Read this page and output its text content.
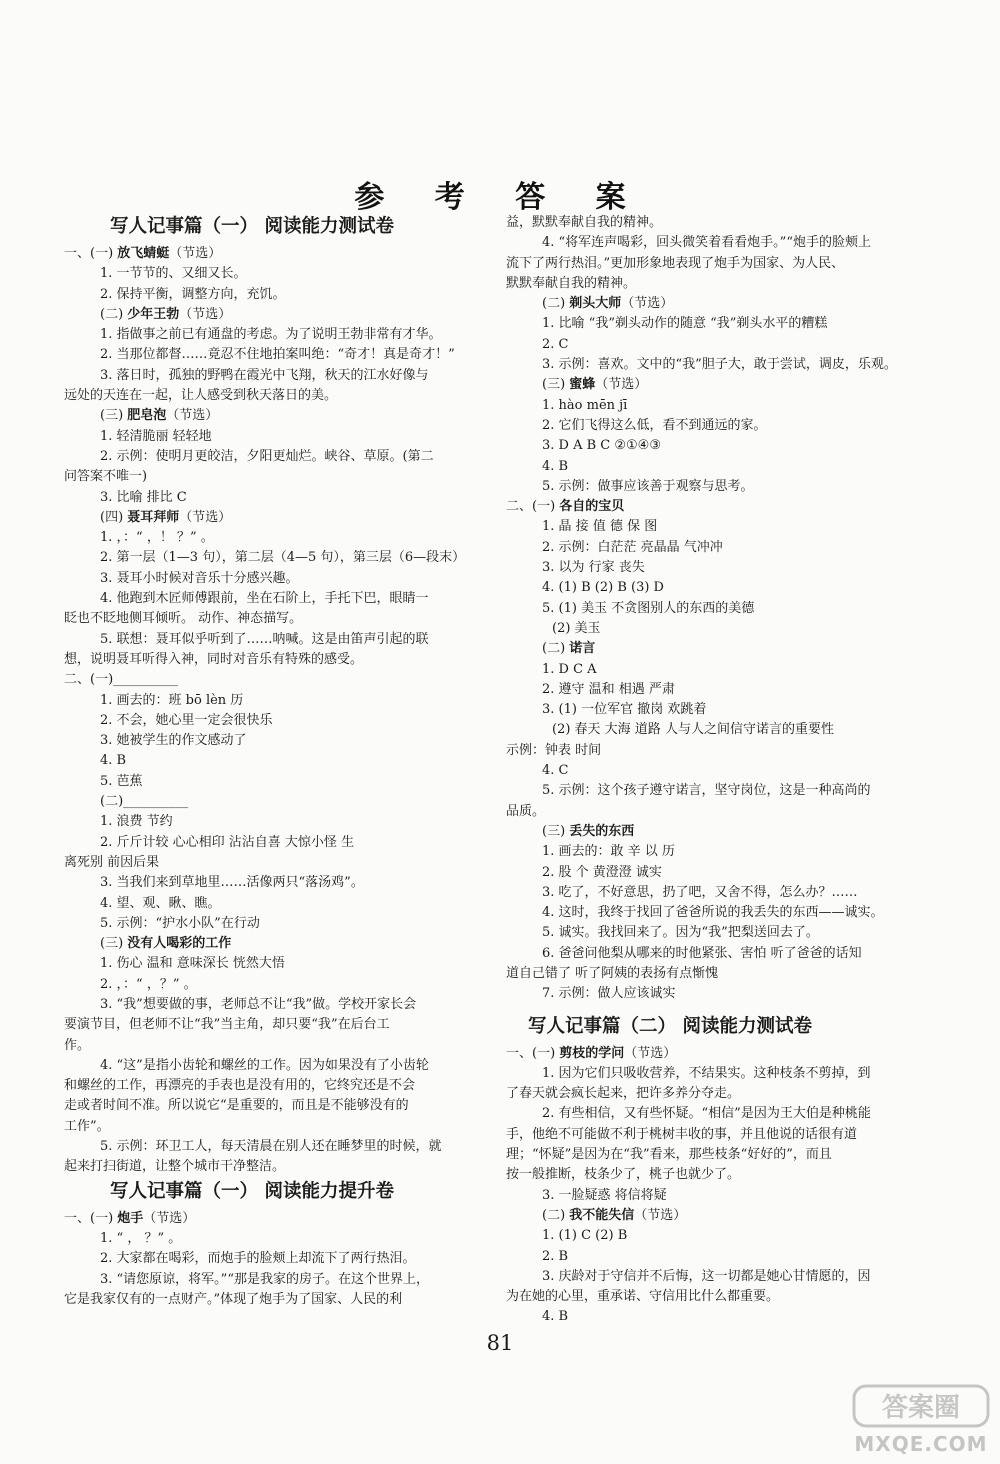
参 考 答 案
写人记事篇（一） 阅读能力测试卷
一、(一) 放飞蜻蜓（节选）
1. 一节节的、又细又长。
2. 保持平衡，调整方向，充饥。
(二) 少年王勃（节选）
1. 指做事之前已有通盘的考虑。为了说明王勃非常有才华。
2. 当那位都督……竟忍不住地拍案叫绝：“奇才！真是奇才！”
3. 落日时，孤独的野鸭在霞光中飞翔，秋天的江水好像与
远处的天连在一起，让人感受到秋天落日的美。
(三) 肥皂泡（节选）
1. 轻清脆丽 轻轻地
2. 示例：使明月更皎洁，夕阳更灿烂。峡谷、草原。(第二
问答案不唯一)
3. 比喻 排比 C
(四) 聂耳拜师（节选）
1. ，：“ ，！ ？” 。
2. 第一层（1—3 句），第二层（4—5 句），第三层（6—段末）
3. 聂耳小时候对音乐十分感兴趣。
4. 他跑到木匠师傅跟前，坐在石阶上，手托下巴，眼睛一
眨也不眨地侧耳倾听。 动作、神态描写。
5. 联想：聂耳似乎听到了……呐喊。这是由笛声引起的联
想，说明聂耳听得入神，同时对音乐有特殊的感受。
二、(一)__________
1. 画去的：班 bō lèn 历
2. 不会，她心里一定会很快乐
3. 她被学生的作文感动了
4. B
5. 芭蕉
(二)__________
1. 浪费 节约
2. 斤斤计较 心心相印 沾沾自喜 大惊小怪 生
离死别 前因后果
3. 当我们来到草地里……活像两只“落汤鸡”。
4. 望、观、瞅、瞧。
5. 示例：“护水小队”在行动
(三) 没有人喝彩的工作
1. 伤心 温和 意味深长 恍然大悟
2. ，：“ ，？” 。
3. “我”想要做的事，老师总不让“我”做。学校开家长会
要演节目，但老师不让“我”当主角，却只要“我”在后台工
作。
4. “这”是指小齿轮和螺丝的工作。因为如果没有了小齿轮
和螺丝的工作，再漂亮的手表也是没有用的，它终究还是不会
走或者时间不准。所以说它“是重要的，而且是不能够没有的
工作”。
5. 示例：环卫工人，每天清晨在别人还在睡梦里的时候，就
起来打扫街道，让整个城市干净整洁。
写人记事篇（一） 阅读能力提升卷
一、(一) 炮手（节选）
1. “ ， ？” 。
2. 大家都在喝彩，而炮手的脸颊上却流下了两行热泪。
3. “请您原谅，将军。”“那是我家的房子。在这个世界上，
它是我家仅有的一点财产。”体现了炮手为了国家、人民的利
益，默默奉献自我的精神。
4. “将军连声喝彩，回头微笑着看看炮手。”“炮手的脸颊上
流下了两行热泪。”更加形象地表现了炮手为国家、为人民、
默默奉献自我的精神。
(二) 剃头大师（节选）
1. 比喻 “我”剃头动作的随意 “我”剃头水平的糟糕
2. C
3. 示例：喜欢。文中的“我”胆子大，敢于尝试，调皮，乐观。
(三) 蜜蜂（节选）
1. hào mēn jī
2. 它们飞得这么低，看不到通远的家。
3. D A B C ②①④③
4. B
5. 示例：做事应该善于观察与思考。
二、(一) 各自的宝贝
1. 晶 接 值 德 保 图
2. 示例：白茫茫 亮晶晶 气冲冲
3. 以为 行家 丧失
4. (1) B (2) B (3) D
5. (1) 美玉 不贪图别人的东西的美德
(2) 美玉
(二) 诺言
1. D C A
2. 遵守 温和 相遇 严肃
3. (1) 一位军官 撤岗 欢跳着
(2) 春天 大海 道路 人与人之间信守诺言的重要性
示例：钟表 时间
4. C
5. 示例：这个孩子遵守诺言，坚守岗位，这是一种高尚的
品质。
(三) 丢失的东西
1. 画去的：敢 辛 以 历
2. 股 个 黄澄澄 诚实
3. 吃了，不好意思，扔了吧，又舍不得，怎么办？……
4. 这时，我终于找回了爸爸所说的我丢失的东西——诚实。
5. 诚实。我找回来了。因为“我”把梨送回去了。
6. 爸爸问他梨从哪来的时他紧张、害怕 听了爸爸的话知
道自己错了 听了阿姨的表扬有点惭愧
7. 示例：做人应该诚实
写人记事篇（二） 阅读能力测试卷
一、(一) 剪枝的学问（节选）
1. 因为它们只吸收营养，不结果实。这种枝条不剪掉，到
了春天就会疯长起来，把许多养分夺走。
2. 有些相信，又有些怀疑。“相信”是因为王大伯是种桃能
手，他绝不可能做不利于桃树丰收的事，并且他说的话很有道
理；“怀疑”是因为在“我”看来，那些枝条“好好的”，而且
按一般推断，枝条少了，桃子也就少了。
3. 一脸疑惑 将信将疑
(二) 我不能失信（节选）
1. (1) C (2) B
2. B
3. 庆龄对于守信并不后悔，这一切都是她心甘情愿的，因
为在她的心里，重承诺、守信用比什么都重要。
4. B
81
答案圈
MXQE.COM
